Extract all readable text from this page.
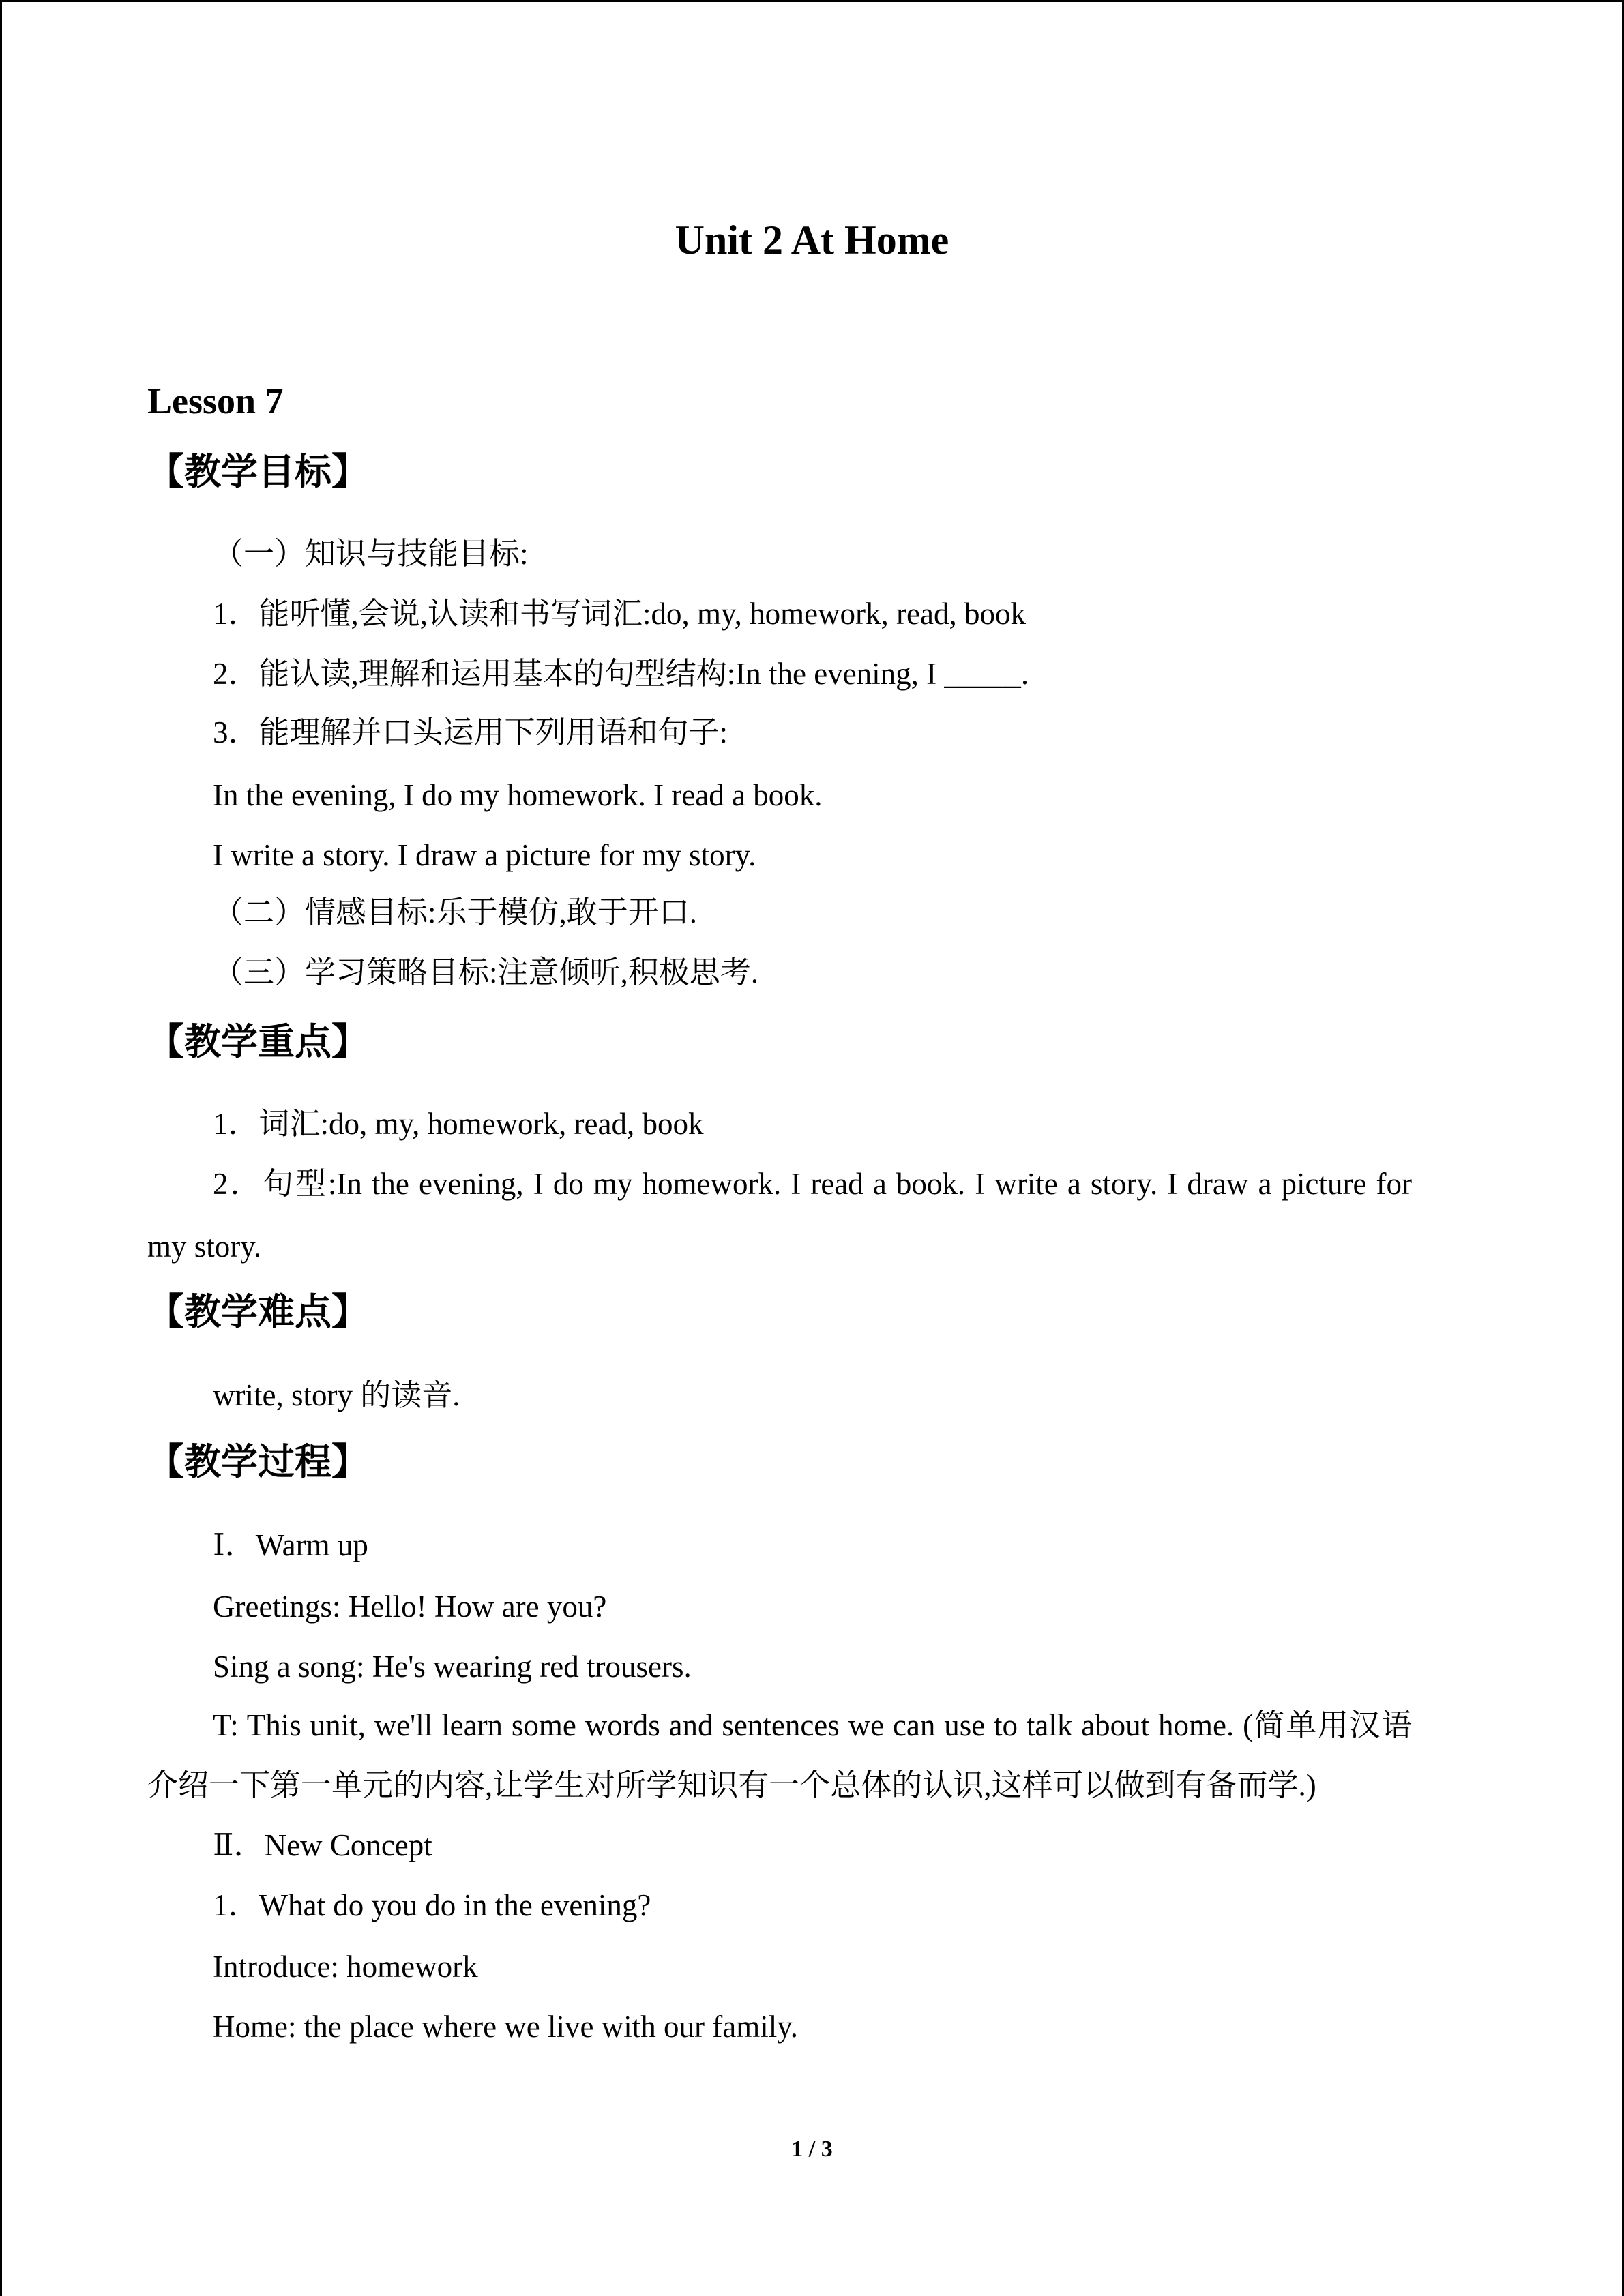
Unit 2 At Home
Lesson 7
【教学目标】
（一）知识与技能目标:
1．能听懂,会说,认读和书写词汇:do, my, homework, read, book
2．能认读,理解和运用基本的句型结构:In the evening, I _____.
3．能理解并口头运用下列用语和句子:
In the evening, I do my homework. I read a book.
I write a story. I draw a picture for my story.
（二）情感目标:乐于模仿,敢于开口.
（三）学习策略目标:注意倾听,积极思考.
【教学重点】
1．词汇:do, my, homework, read, book
2．句型:In the evening, I do my homework. I read a book. I write a story. I draw a picture for
my story.
【教学难点】
write, story 的读音.
【教学过程】
Ⅰ．Warm up
Greetings: Hello! How are you?
Sing a song: He's wearing red trousers.
T: This unit, we'll learn some words and sentences we can use to talk about home. (简单用汉语
介绍一下第一单元的内容,让学生对所学知识有一个总体的认识,这样可以做到有备而学.)
Ⅱ．New Concept
1．What do you do in the evening?
Introduce: homework
Home: the place where we live with our family.
1 / 3
